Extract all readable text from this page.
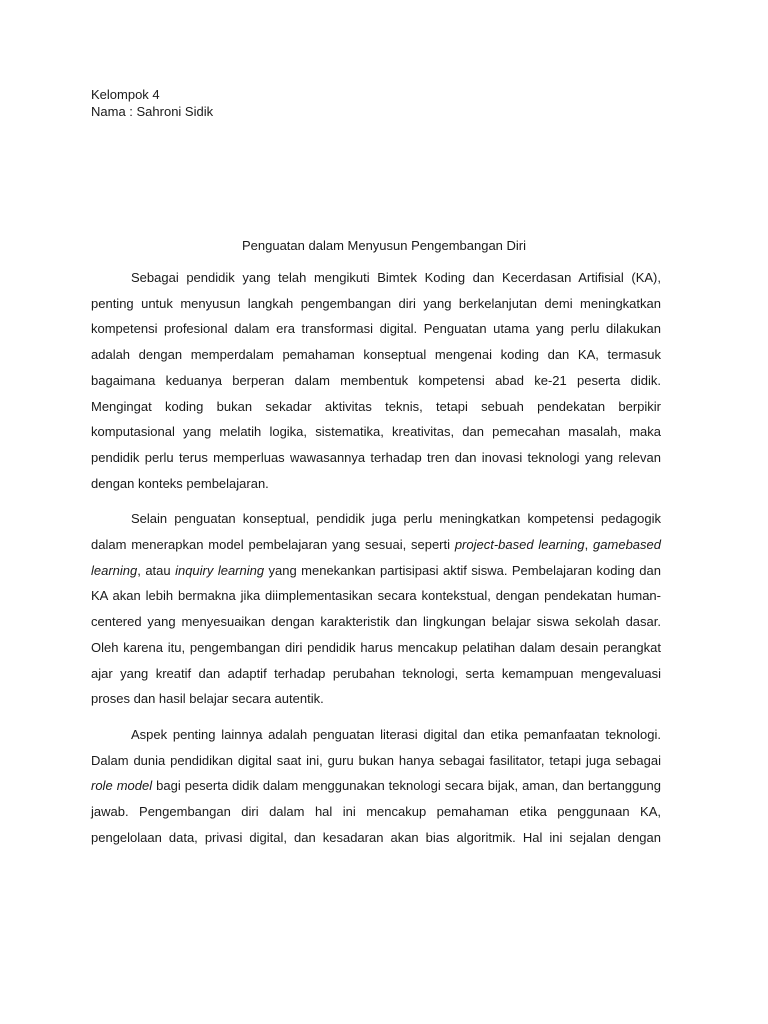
Kelompok 4
Nama : Sahroni Sidik
Penguatan dalam Menyusun Pengembangan Diri

Sebagai pendidik yang telah mengikuti Bimtek Koding dan Kecerdasan Artifisial (KA), penting untuk menyusun langkah pengembangan diri yang berkelanjutan demi meningkatkan kompetensi profesional dalam era transformasi digital. Penguatan utama yang perlu dilakukan adalah dengan memperdalam pemahaman konseptual mengenai koding dan KA, termasuk bagaimana keduanya berperan dalam membentuk kompetensi abad ke-21 peserta didik. Mengingat koding bukan sekadar aktivitas teknis, tetapi sebuah pendekatan berpikir komputasional yang melatih logika, sistematika, kreativitas, dan pemecahan masalah, maka pendidik perlu terus memperluas wawasannya terhadap tren dan inovasi teknologi yang relevan dengan konteks pembelajaran.

Selain penguatan konseptual, pendidik juga perlu meningkatkan kompetensi pedagogik dalam menerapkan model pembelajaran yang sesuai, seperti project-based learning, gamebased learning, atau inquiry learning yang menekankan partisipasi aktif siswa. Pembelajaran koding dan KA akan lebih bermakna jika diimplementasikan secara kontekstual, dengan pendekatan human-centered yang menyesuaikan dengan karakteristik dan lingkungan belajar siswa sekolah dasar. Oleh karena itu, pengembangan diri pendidik harus mencakup pelatihan dalam desain perangkat ajar yang kreatif dan adaptif terhadap perubahan teknologi, serta kemampuan mengevaluasi proses dan hasil belajar secara autentik.

Aspek penting lainnya adalah penguatan literasi digital dan etika pemanfaatan teknologi. Dalam dunia pendidikan digital saat ini, guru bukan hanya sebagai fasilitator, tetapi juga sebagai role model bagi peserta didik dalam menggunakan teknologi secara bijak, aman, dan bertanggung jawab. Pengembangan diri dalam hal ini mencakup pemahaman etika penggunaan KA, pengelolaan data, privasi digital, dan kesadaran akan bias algoritmik. Hal ini sejalan dengan
